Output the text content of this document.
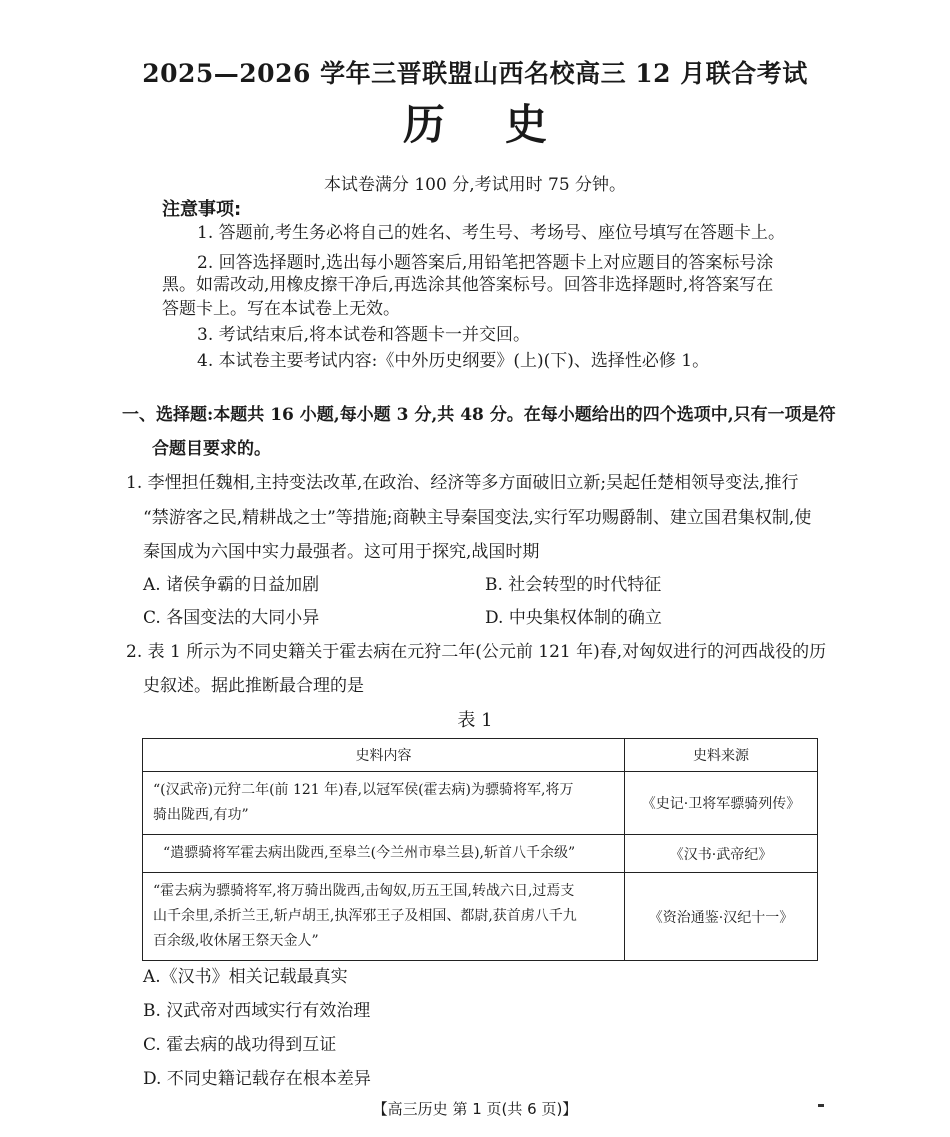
2025—2026 学年三晋联盟山西名校高三 12 月联合考试
历史
本试卷满分 100 分,考试用时 75 分钟。
注意事项:
1. 答题前,考生务必将自己的姓名、考生号、考场号、座位号填写在答题卡上。
2. 回答选择题时,选出每小题答案后,用铅笔把答题卡上对应题目的答案标号涂
黑。如需改动,用橡皮擦干净后,再选涂其他答案标号。回答非选择题时,将答案写在
答题卡上。写在本试卷上无效。
3. 考试结束后,将本试卷和答题卡一并交回。
4. 本试卷主要考试内容:《中外历史纲要》(上)(下)、选择性必修 1。
一、选择题:本题共 16 小题,每小题 3 分,共 48 分。在每小题给出的四个选项中,只有一项是符
合题目要求的。
1. 李悝担任魏相,主持变法改革,在政治、经济等多方面破旧立新;吴起任楚相领导变法,推行
“禁游客之民,精耕战之士”等措施;商鞅主导秦国变法,实行军功赐爵制、建立国君集权制,使
秦国成为六国中实力最强者。这可用于探究,战国时期
A. 诸侯争霸的日益加剧	B. 社会转型的时代特征
C. 各国变法的大同小异	D. 中央集权体制的确立
2. 表 1 所示为不同史籍关于霍去病在元狩二年(公元前 121 年)春,对匈奴进行的河西战役的历
史叙述。据此推断最合理的是
表 1
史料内容	史料来源

“(汉武帝)元狩二年(前 121 年)春,以冠军侯(霍去病)为骠骑将军,将万
骑出陇西,有功”	《史记·卫将军骠骑列传》

“遣骠骑将军霍去病出陇西,至皋兰(今兰州市皋兰县),斩首八千余级”	《汉书·武帝纪》

“霍去病为骠骑将军,将万骑出陇西,击匈奴,历五王国,转战六日,过焉支
山千余里,杀折兰王,斩卢胡王,执浑邪王子及相国、都尉,获首虏八千九
百余级,收休屠王祭天金人”	《资治通鉴·汉纪十一》
A.《汉书》相关记载最真实
B. 汉武帝对西域实行有效治理
C. 霍去病的战功得到互证
D. 不同史籍记载存在根本差异
【高三历史 第 1 页(共 6 页)】
